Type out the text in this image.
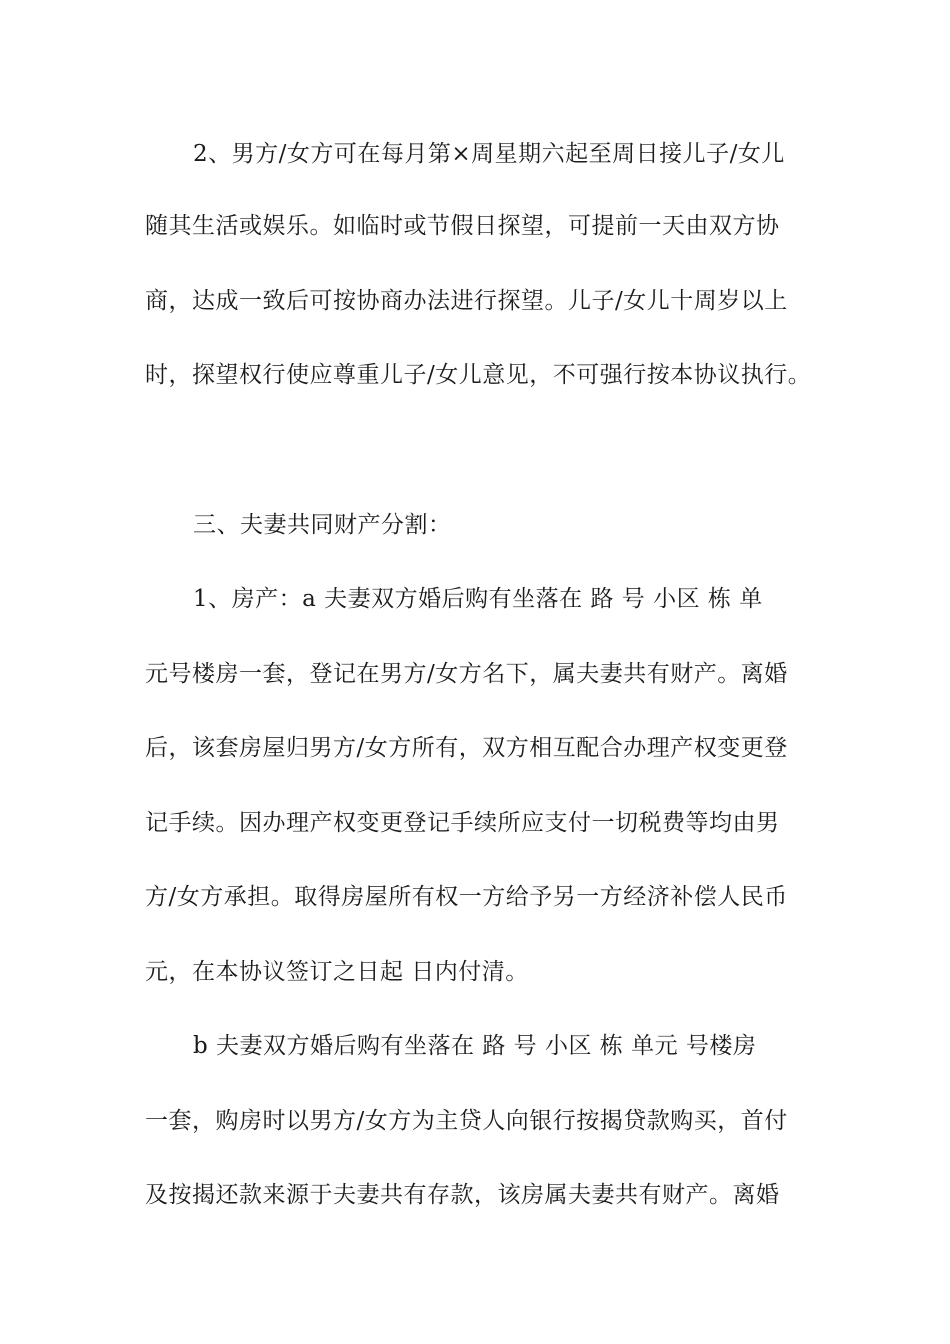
2、男方/女方可在每月第×周星期六起至周日接儿子/女儿
随其生活或娱乐。如临时或节假日探望，可提前一天由双方协
商，达成一致后可按协商办法进行探望。儿子/女儿十周岁以上
时，探望权行使应尊重儿子/女儿意见，不可强行按本协议执行。
三、夫妻共同财产分割：
1、房产：a 夫妻双方婚后购有坐落在 路 号 小区 栋 单
元号楼房一套，登记在男方/女方名下，属夫妻共有财产。离婚
后，该套房屋归男方/女方所有，双方相互配合办理产权变更登
记手续。因办理产权变更登记手续所应支付一切税费等均由男
方/女方承担。取得房屋所有权一方给予另一方经济补偿人民币
元，在本协议签订之日起 日内付清。
b 夫妻双方婚后购有坐落在 路 号 小区 栋 单元 号楼房
一套，购房时以男方/女方为主贷人向银行按揭贷款购买，首付
及按揭还款来源于夫妻共有存款，该房属夫妻共有财产。离婚
